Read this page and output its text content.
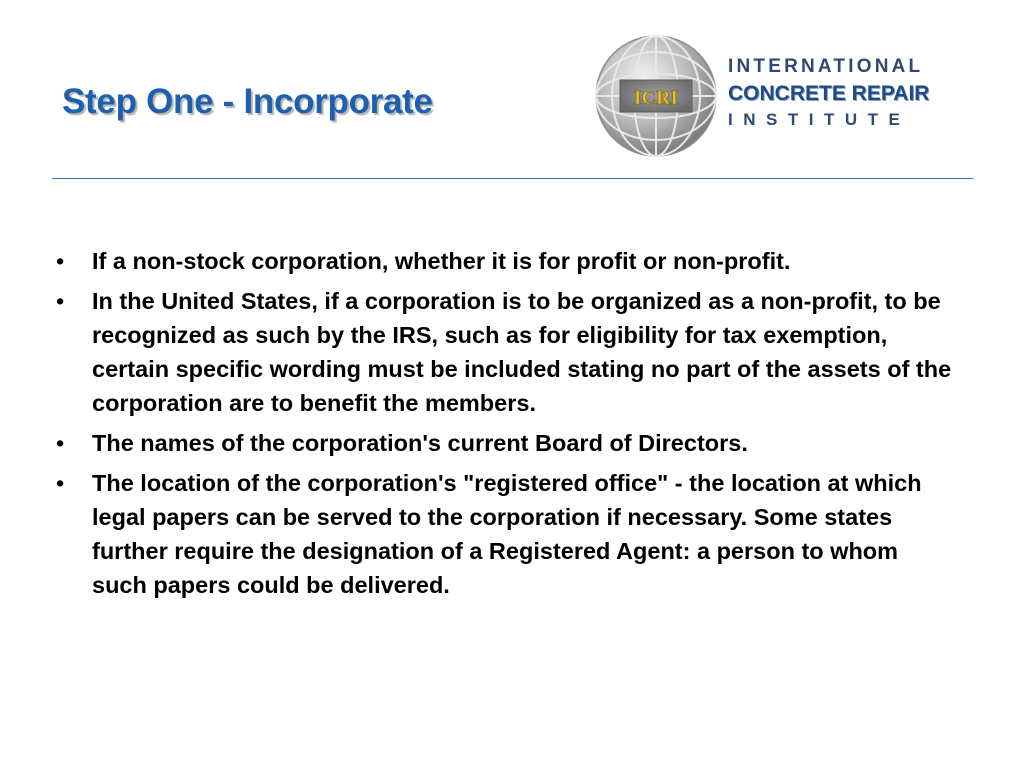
Step One - Incorporate	ICRI
INTERNATIONAL
CONCRETE REPAIR
INSTITUTE
•	If a non-stock corporation, whether it is for profit or non-profit.
•	In the United States, if a corporation is to be organized as a non-profit, to be recognized as such by the IRS, such as for eligibility for tax exemption, certain specific wording must be included stating no part of the assets of the corporation are to benefit the members.
•	The names of the corporation's current Board of Directors.
•	The location of the corporation's "registered office" - the location at which legal papers can be served to the corporation if necessary. Some states further require the designation of a Registered Agent: a person to whom such papers could be delivered.
